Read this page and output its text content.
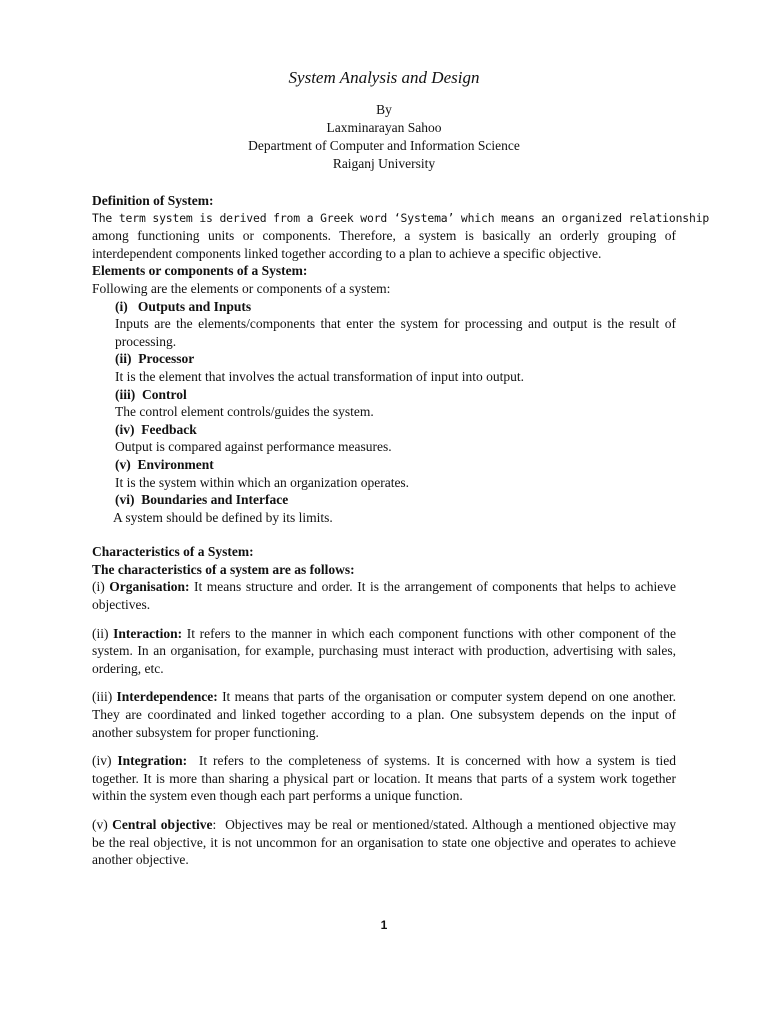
System Analysis and Design
By
Laxminarayan Sahoo
Department of Computer and Information Science
Raiganj University

Definition of System:

The term system is derived from a Greek word ‘Systema’ which means an organized relationship

among functioning units or components. Therefore, a system is basically an orderly grouping of interdependent components linked together according to a plan to achieve a specific objective.

Elements or components of a System:

Following are the elements or components of a system:

(i)   Outputs and Inputs
Inputs are the elements/components that enter the system for processing and output is the result of processing.
(ii)  Processor
It is the element that involves the actual transformation of input into output.
(iii)  Control
The control element controls/guides the system.
(iv)  Feedback
Output is compared against performance measures.
(v)  Environment
It is the system within which an organization operates.
(vi)  Boundaries and Interface
A system should be defined by its limits.

Characteristics of a System:

The characteristics of a system are as follows:

(i) Organisation: It means structure and order. It is the arrangement of components that helps to achieve objectives.

(ii) Interaction: It refers to the manner in which each component functions with other component of the system. In an organisation, for example, purchasing must interact with production, advertising with sales, ordering, etc.

(iii) Interdependence: It means that parts of the organisation or computer system depend on one another. They are coordinated and linked together according to a plan. One subsystem depends on the input of another subsystem for proper functioning.

(iv) Integration:  It refers to the completeness of systems. It is concerned with how a system is tied together. It is more than sharing a physical part or location. It means that parts of a system work together within the system even though each part performs a unique function.

(v) Central objective:  Objectives may be real or mentioned/stated. Although a mentioned objective may be the real objective, it is not uncommon for an organisation to state one objective and operates to achieve another objective.

1
